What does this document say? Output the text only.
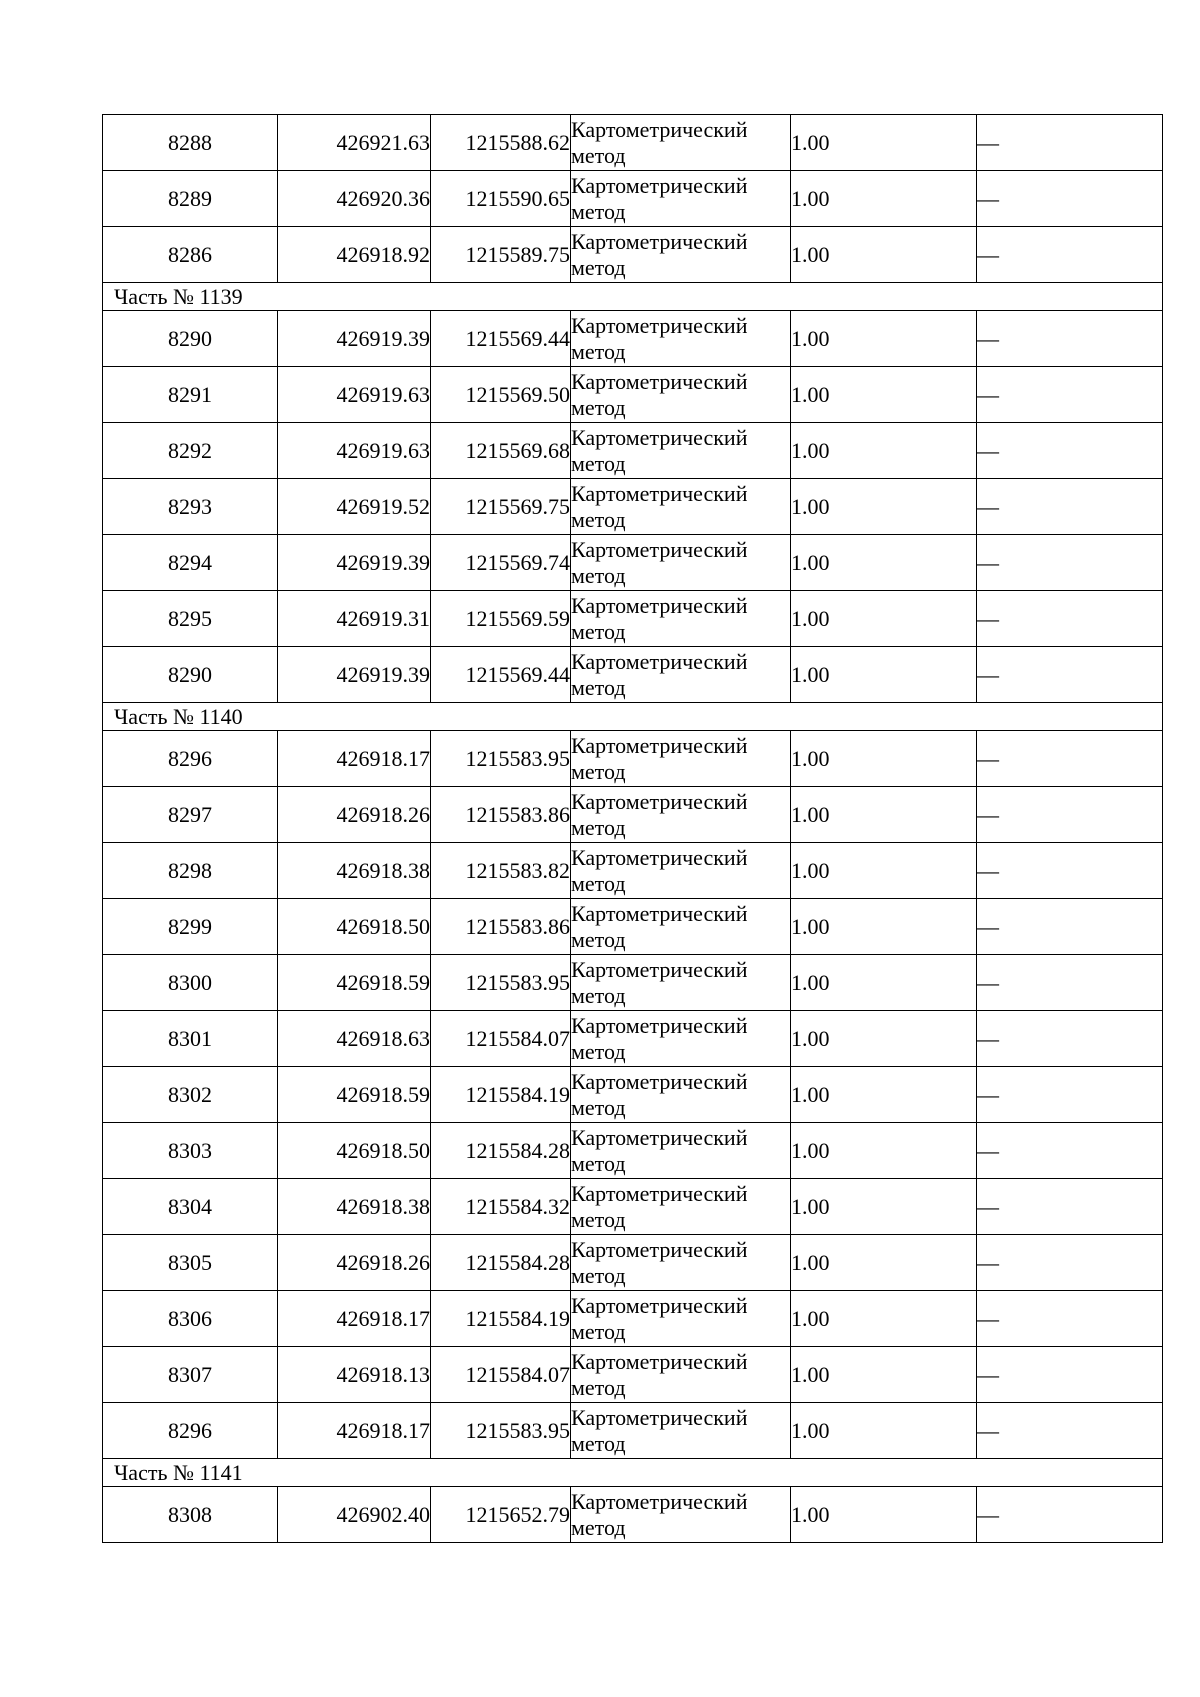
8288	426921.63	1215588.62	Картометрический метод	1.00	—
8289	426920.36	1215590.65	Картометрический метод	1.00	—
8286	426918.92	1215589.75	Картометрический метод	1.00	—
Часть № 1139					
8290	426919.39	1215569.44	Картометрический метод	1.00	—
8291	426919.63	1215569.50	Картометрический метод	1.00	—
8292	426919.63	1215569.68	Картометрический метод	1.00	—
8293	426919.52	1215569.75	Картометрический метод	1.00	—
8294	426919.39	1215569.74	Картометрический метод	1.00	—
8295	426919.31	1215569.59	Картометрический метод	1.00	—
8290	426919.39	1215569.44	Картометрический метод	1.00	—
Часть № 1140					
8296	426918.17	1215583.95	Картометрический метод	1.00	—
8297	426918.26	1215583.86	Картометрический метод	1.00	—
8298	426918.38	1215583.82	Картометрический метод	1.00	—
8299	426918.50	1215583.86	Картометрический метод	1.00	—
8300	426918.59	1215583.95	Картометрический метод	1.00	—
8301	426918.63	1215584.07	Картометрический метод	1.00	—
8302	426918.59	1215584.19	Картометрический метод	1.00	—
8303	426918.50	1215584.28	Картометрический метод	1.00	—
8304	426918.38	1215584.32	Картометрический метод	1.00	—
8305	426918.26	1215584.28	Картометрический метод	1.00	—
8306	426918.17	1215584.19	Картометрический метод	1.00	—
8307	426918.13	1215584.07	Картометрический метод	1.00	—
8296	426918.17	1215583.95	Картометрический метод	1.00	—
Часть № 1141					
8308	426902.40	1215652.79	Картометрический метод	1.00	—
